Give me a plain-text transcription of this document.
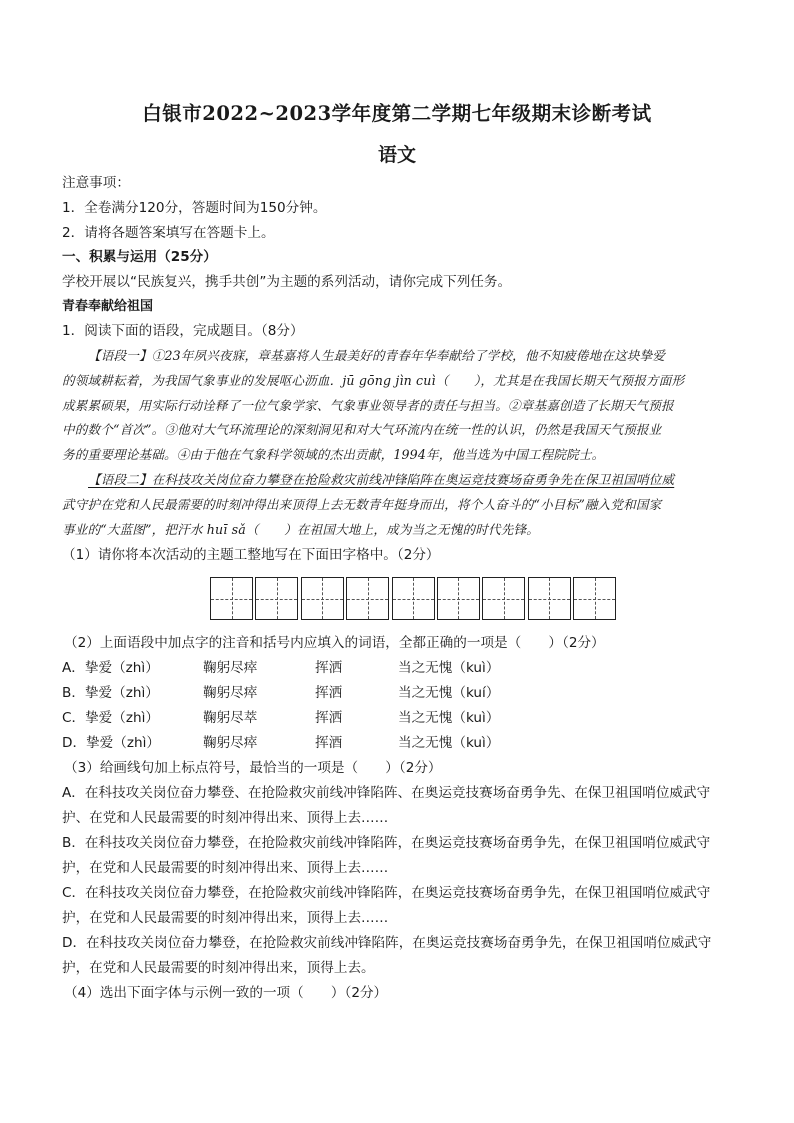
白银市2022~2023学年度第二学期七年级期末诊断考试
语文
注意事项：
1．全卷满分120分，答题时间为150分钟。
2．请将各题答案填写在答题卡上。
一、积累与运用（25分）
学校开展以“民族复兴，携手共创”为主题的系列活动，请你完成下列任务。
青春奉献给祖国
1．阅读下面的语段，完成题目。（8分）
【语段一】①23年夙兴夜寐，章基嘉将人生最美好的青春年华奉献给了学校，他不知疲倦地在这块挚爱
的领域耕耘着，为我国气象事业的发展呕心沥血．jū gōng jìn cuì（　　），尤其是在我国长期天气预报方面形
成累累硕果，用实际行动诠释了一位气象学家、气象事业领导者的责任与担当。②章基嘉创造了长期天气预报
中的数个“首次”。③他对大气环流理论的深刻洞见和对大气环流内在统一性的认识，仍然是我国天气预报业
务的重要理论基础。④由于他在气象科学领域的杰出贡献，1994年，他当选为中国工程院院士。
【语段二】在科技攻关岗位奋力攀登在抢险救灾前线冲锋陷阵在奥运竞技赛场奋勇争先在保卫祖国哨位威
武守护在党和人民最需要的时刻冲得出来顶得上去无数青年挺身而出，将个人奋斗的“小目标”融入党和国家
事业的“大蓝图”，把汗水 huī sǎ（　　）在祖国大地上，成为当之无愧的时代先锋。
（1）请你将本次活动的主题工整地写在下面田字格中。（2分）
（2）上面语段中加点字的注音和括号内应填入的词语，全都正确的一项是（　　）（2分）
A．挚爱（zhì）	鞠躬尽瘁	挥洒	当之无愧（kuì）
B．挚爱（zhì）	鞠躬尽瘁	挥洒	当之无愧（kuí）
C．挚爱（zhì）	鞠躬尽萃	挥洒	当之无愧（kuì）
D．挚爱（zhì）	鞠躬尽瘁	挥酒	当之无愧（kuì）
（3）给画线句加上标点符号，最恰当的一项是（　　）（2分）
A．在科技攻关岗位奋力攀登、在抢险救灾前线冲锋陷阵、在奥运竞技赛场奋勇争先、在保卫祖国哨位威武守
护、在党和人民最需要的时刻冲得出来、顶得上去……
B．在科技攻关岗位奋力攀登，在抢险救灾前线冲锋陷阵，在奥运竞技赛场奋勇争先，在保卫祖国哨位威武守
护，在党和人民最需要的时刻冲得出来、顶得上去……
C．在科技攻关岗位奋力攀登，在抢险救灾前线冲锋陷阵，在奥运竞技赛场奋勇争先，在保卫祖国哨位威武守
护，在党和人民最需要的时刻冲得出来，顶得上去……
D．在科技攻关岗位奋力攀登，在抢险救灾前线冲锋陷阵，在奥运竞技赛场奋勇争先，在保卫祖国哨位威武守
护，在党和人民最需要的时刻冲得出来，顶得上去。
（4）选出下面字体与示例一致的一项（　　）（2分）
